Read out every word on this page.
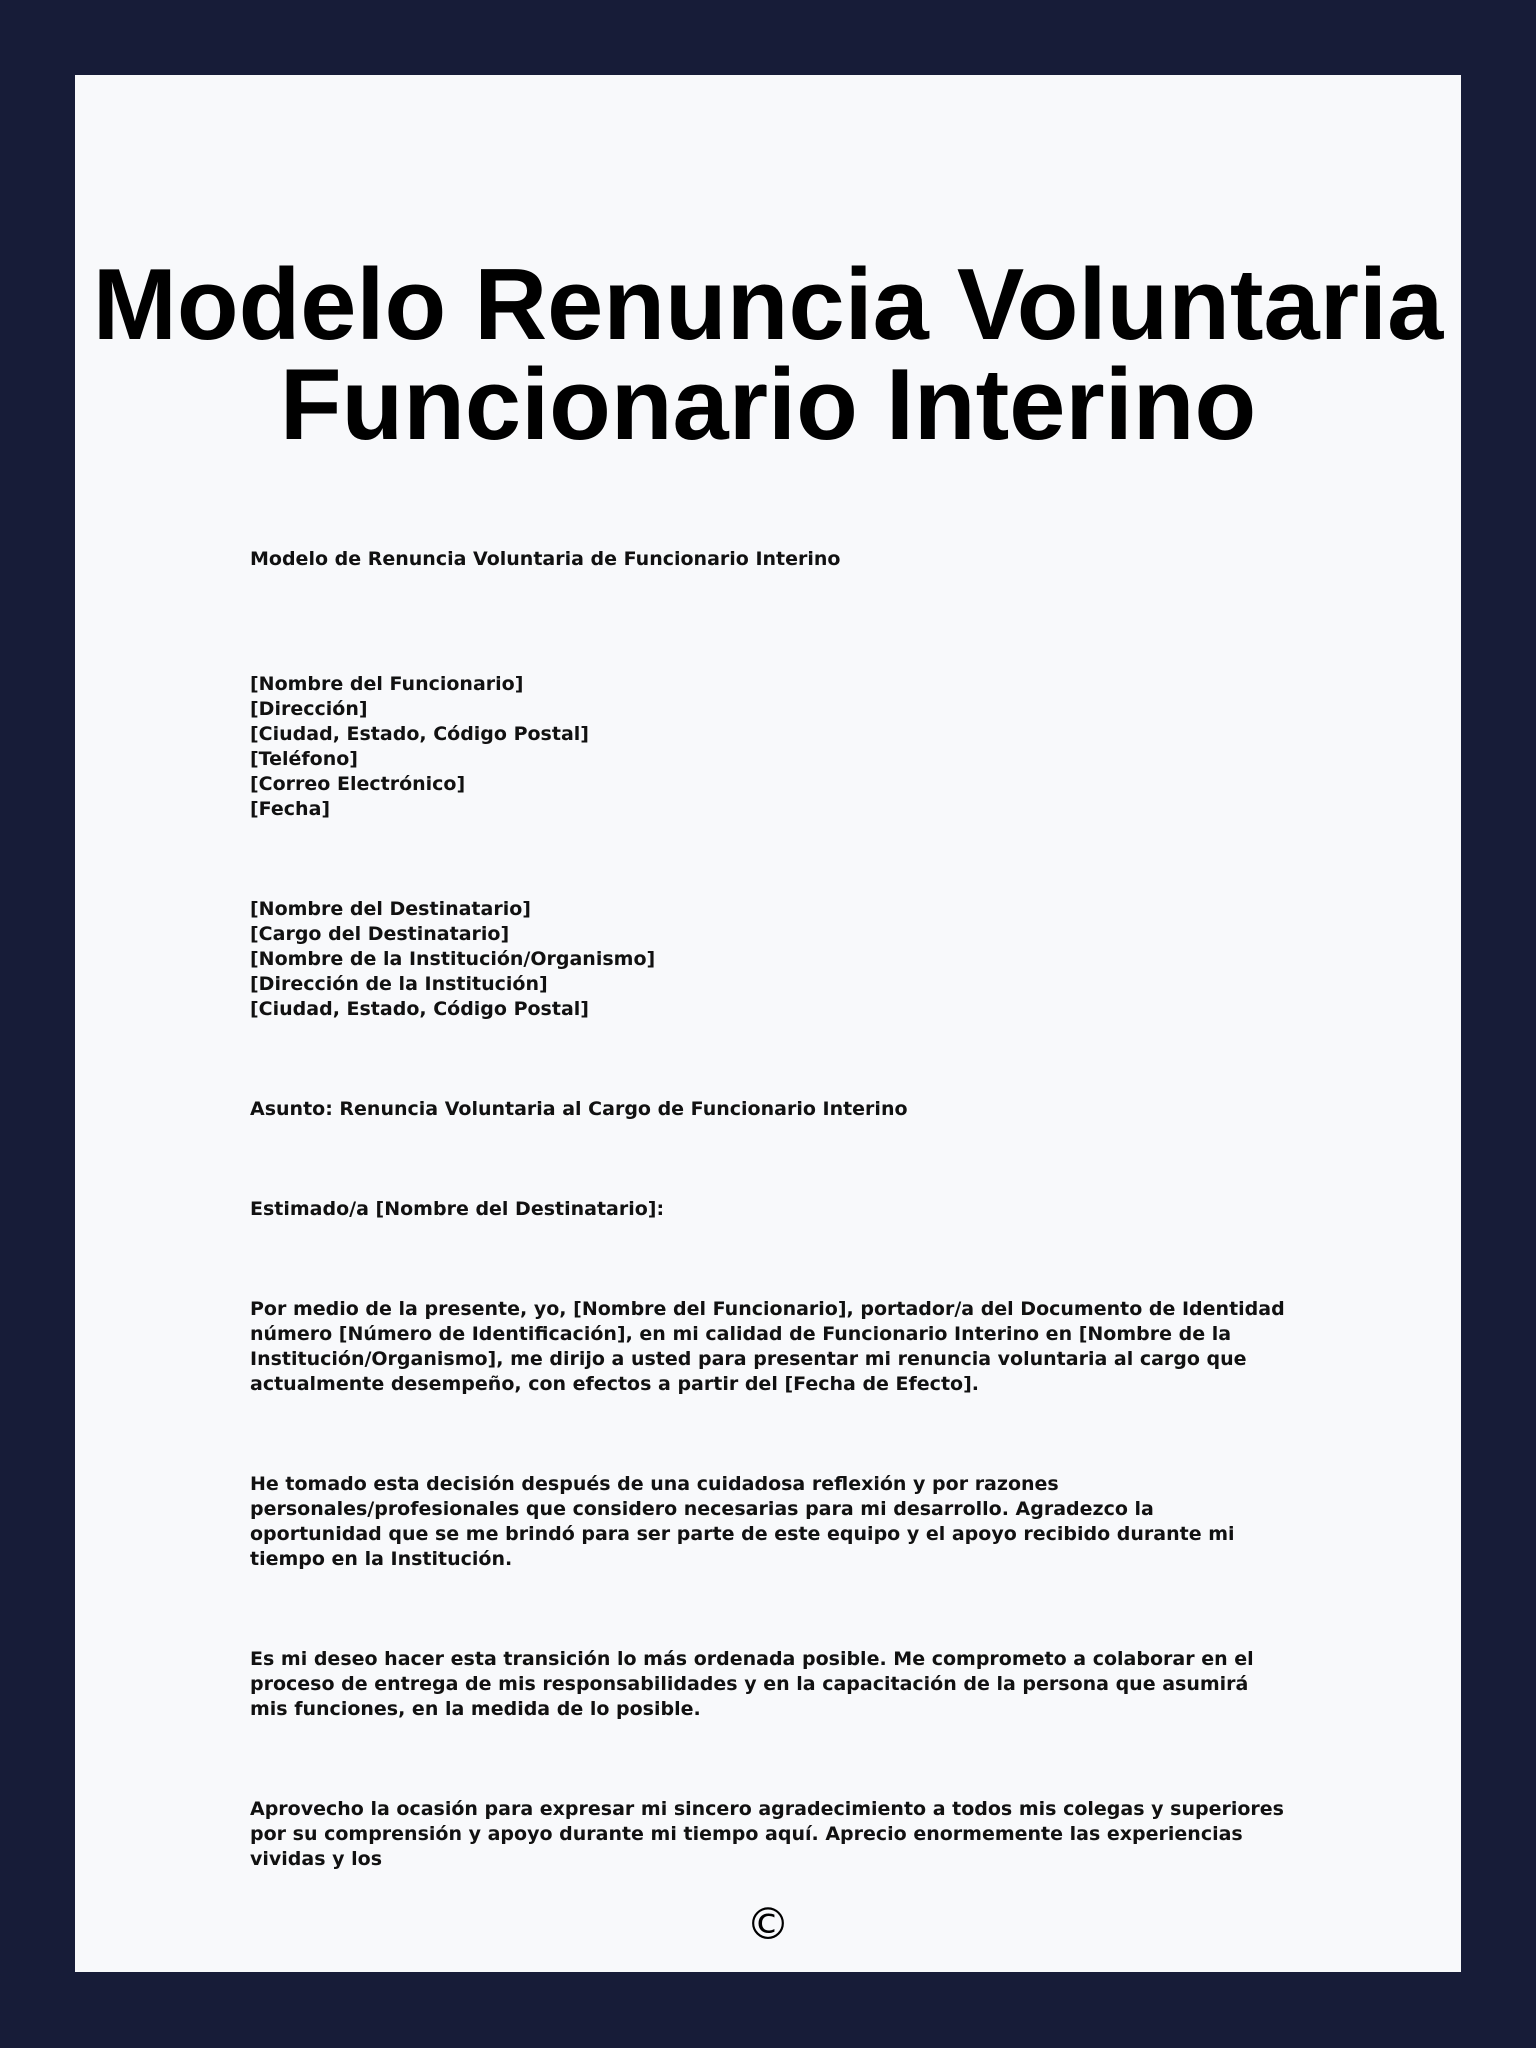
Modelo Renuncia Voluntaria
Funcionario Interino

Modelo de Renuncia Voluntaria de Funcionario Interino

[Nombre del Funcionario]
[Dirección]
[Ciudad, Estado, Código Postal]
[Teléfono]
[Correo Electrónico]
[Fecha]
[Nombre del Destinatario]
[Cargo del Destinatario]
[Nombre de la Institución/Organismo]
[Dirección de la Institución]
[Ciudad, Estado, Código Postal]

Asunto: Renuncia Voluntaria al Cargo de Funcionario Interino

Estimado/a [Nombre del Destinatario]:

Por medio de la presente, yo, [Nombre del Funcionario], portador/a del Documento de Identidad número [Número de Identificación], en mi calidad de Funcionario Interino en [Nombre de la Institución/Organismo], me dirijo a usted para presentar mi renuncia voluntaria al cargo que actualmente desempeño, con efectos a partir del [Fecha de Efecto].

He tomado esta decisión después de una cuidadosa reflexión y por razones personales/profesionales que considero necesarias para mi desarrollo. Agradezco la oportunidad que se me brindó para ser parte de este equipo y el apoyo recibido durante mi tiempo en la Institución.

Es mi deseo hacer esta transición lo más ordenada posible. Me comprometo a colaborar en el proceso de entrega de mis responsabilidades y en la capacitación de la persona que asumirá mis funciones, en la medida de lo posible.

Aprovecho la ocasión para expresar mi sincero agradecimiento a todos mis colegas y superiores por su comprensión y apoyo durante mi tiempo aquí. Aprecio enormemente las experiencias vividas y los

©
